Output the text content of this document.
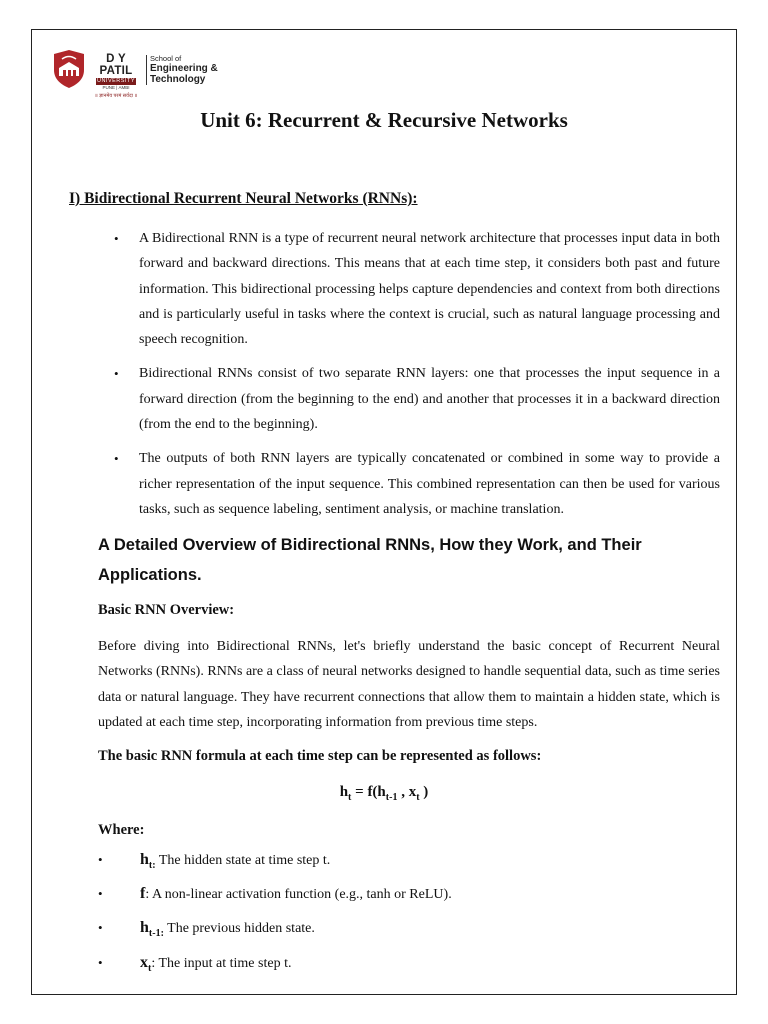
D Y PATIL
UNIVERSITY
PUNE | AMBI
॥ ज्ञानमेव परमं सर्वदा ॥
School of
Engineering &
Technology
Unit 6: Recurrent & Recursive Networks

I) Bidirectional Recurrent Neural Networks (RNNs):

• A Bidirectional RNN is a type of recurrent neural network architecture that processes input data in both forward and backward directions. This means that at each time step, it considers both past and future information. This bidirectional processing helps capture dependencies and context from both directions and is particularly useful in tasks where the context is crucial, such as natural language processing and speech recognition.
• Bidirectional RNNs consist of two separate RNN layers: one that processes the input sequence in a forward direction (from the beginning to the end) and another that processes it in a backward direction (from the end to the beginning).
• The outputs of both RNN layers are typically concatenated or combined in some way to provide a richer representation of the input sequence. This combined representation can then be used for various tasks, such as sequence labeling, sentiment analysis, or machine translation.

A Detailed Overview of Bidirectional RNNs, How they Work, and Their Applications.

Basic RNN Overview:

Before diving into Bidirectional RNNs, let's briefly understand the basic concept of Recurrent Neural Networks (RNNs). RNNs are a class of neural networks designed to handle sequential data, such as time series data or natural language. They have recurrent connections that allow them to maintain a hidden state, which is updated at each time step, incorporating information from previous time steps.

The basic RNN formula at each time step can be represented as follows:

$h_t = f(h_{t-1}$ , $x_t$ )

Where:

• $h_{t:}$ The hidden state at time step t.
• f: A non-linear activation function (e.g., tanh or ReLU).
• $h_{t-1:}$ The previous hidden state.
• $x_t$: The input at time step t.
